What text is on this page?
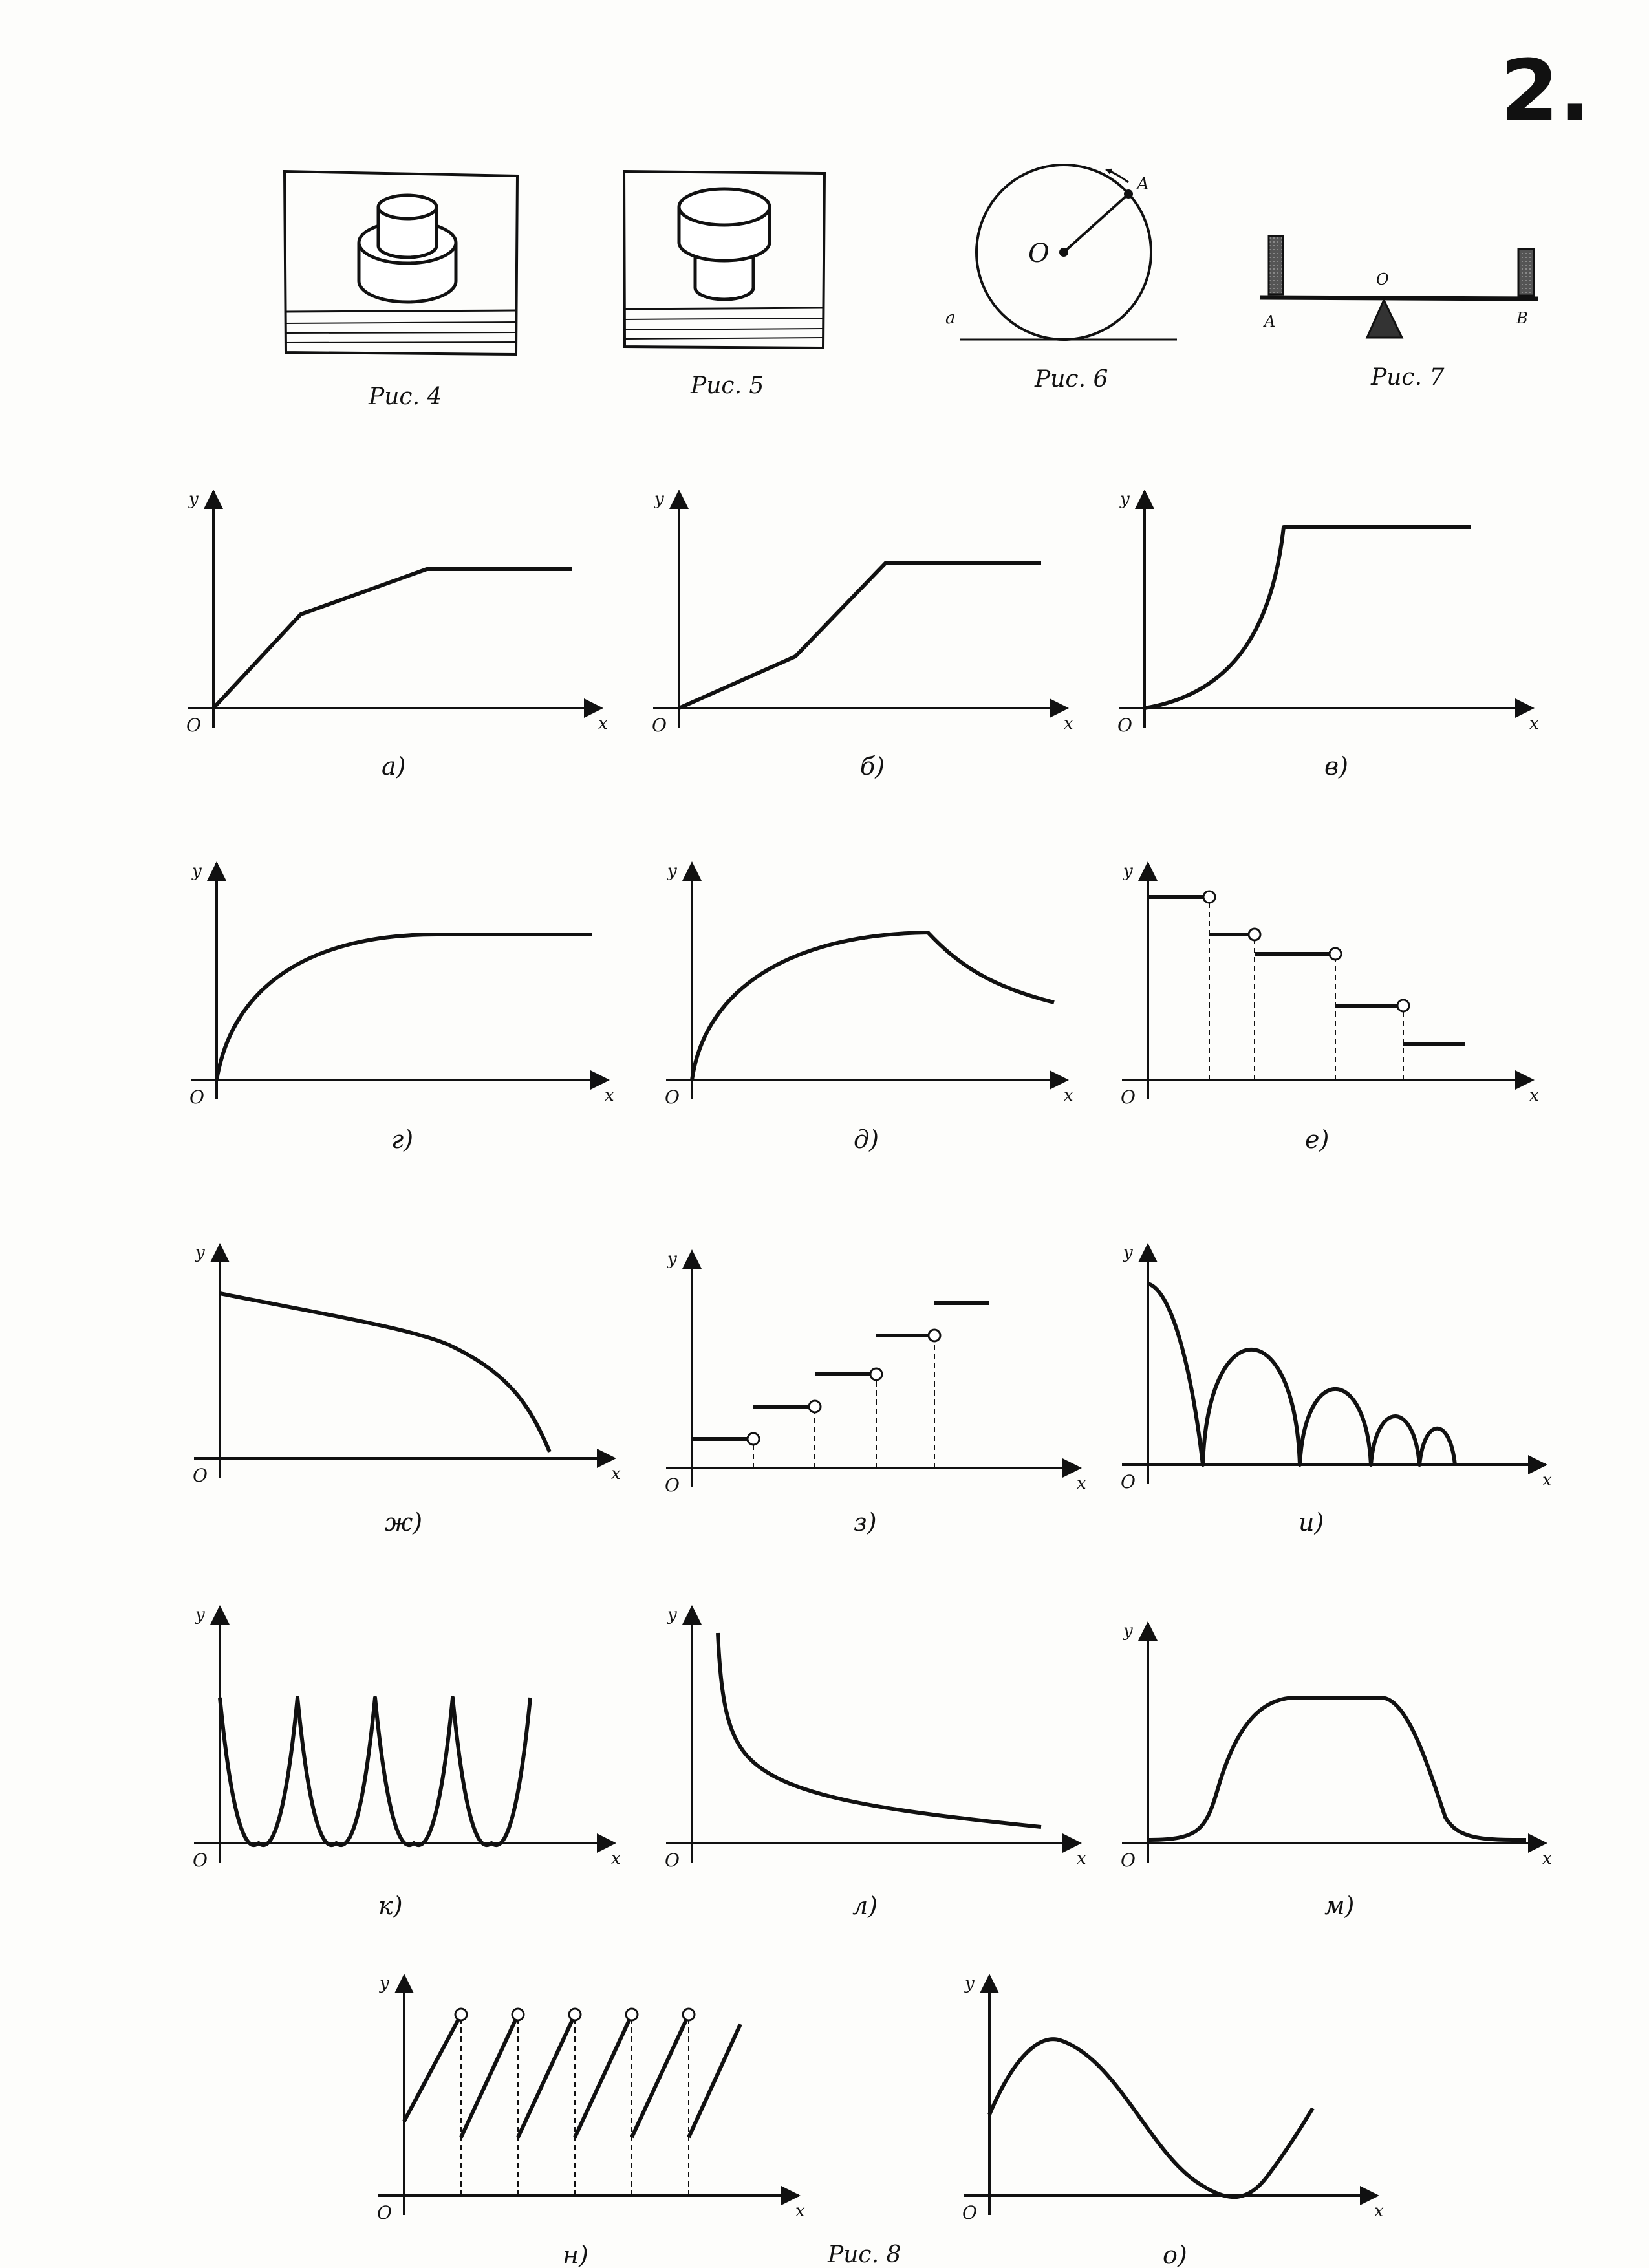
2.
Рис. 4	Рис. 5
O
A
a
Рис. 6
A	B
O
Рис. 7
x
y
O
а)
x
y
O
б)
x
y
O
в)
x
y
O
г)
x
y
O
д)
x
y
O
е)
x
y
O
ж)
x
y
O
з)
x
y
O
и)
x
y
O
к)
x
y
O
л)
x
y
O
м)
x
y
O
н)
x
y
O
о)
Рис. 8
